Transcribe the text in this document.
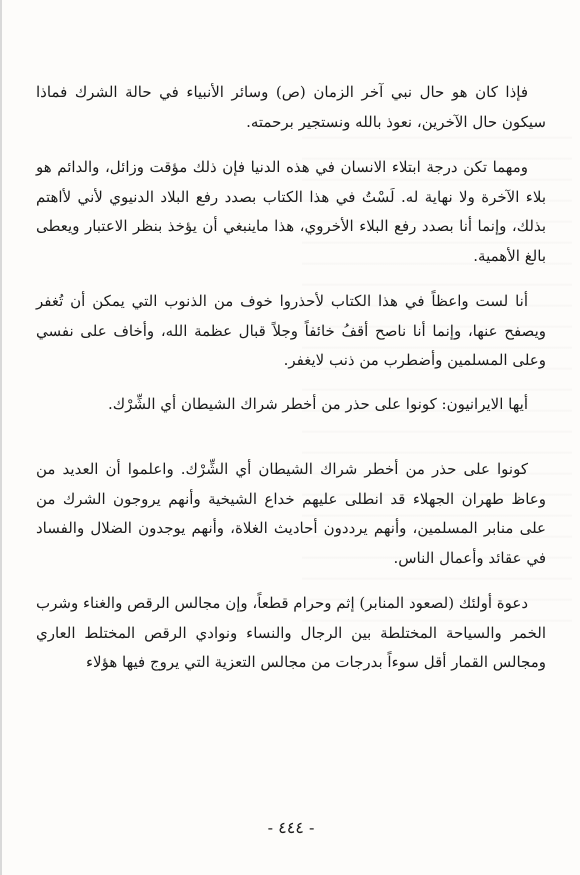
فإذا كان هو حال نبي آخر الزمان (ص) وسائر الأنبياء في حالة الشرك فماذا سيكون حال الآخرين، نعوذ بالله ونستجير برحمته.

ومهما تكن درجة ابتلاء الانسان في هذه الدنيا فإن ذلك مؤقت وزائل، والدائم هو بلاء الآخرة ولا نهاية له. لَسْتُ في هذا الكتاب بصدد رفع البلاد الدنيوي لأني لأاهتم بذلك، وإنما أنا بصدد رفع البلاء الأخروي، هذا ماينبغي أن يؤخذ بنظر الاعتبار ويعطى بالغ الأهمية.

أنا لست واعظاً في هذا الكتاب لأحذروا خوف من الذنوب التي يمكن أن تُغفر ويصفح عنها، وإنما أنا ناصح أقفُ خائفاً وجلاً قبال عظمة الله، وأخاف على نفسي وعلى المسلمين وأضطرب من ذنب لايغفر.

أيها الايرانيون: كونوا على حذر من أخطر شراك الشيطان أي الشِّرْك.

كونوا على حذر من أخطر شراك الشيطان أي الشِّرْك. واعلموا أن العديد من وعاظ طهران الجهلاء قد انطلى عليهم خداع الشيخية وأنهم يروجون الشرك من على منابر المسلمين، وأنهم يرددون أحاديث الغلاة، وأنهم يوجدون الضلال والفساد في عقائد وأعمال الناس.

دعوة أولئك (لصعود المنابر) إثم وحرام قطعاً، وإن مجالس الرقص والغناء وشرب الخمر والسياحة المختلطة بين الرجال والنساء ونوادي الرقص المختلط العاري ومجالس القمار أقل سوءاً بدرجات من مجالس التعزية التي يروج فيها هؤلاء

- ٤٤٤ -
